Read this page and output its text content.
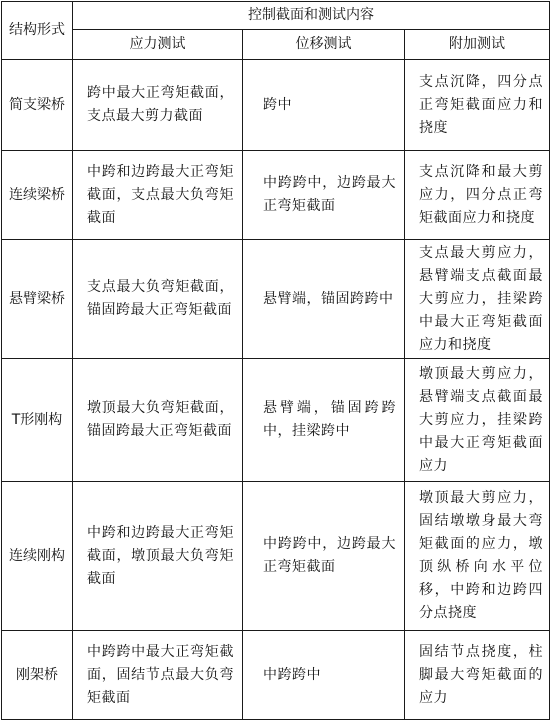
结构形式	控制截面和测试内容		
	应力测试	位移测试	附加测试
简支梁桥	跨中最大正弯矩截面，支点最大剪力截面	跨中	支点沉降，四分点正弯矩截面应力和挠度
连续梁桥	中跨和边跨最大正弯矩截面，支点最大负弯矩截面	中跨跨中，边跨最大正弯矩截面	支点沉降和最大剪应力，四分点正弯矩截面应力和挠度
悬臂梁桥	支点最大负弯矩截面，锚固跨最大正弯矩截面	悬臂端，锚固跨跨中	支点最大剪应力，悬臂端支点截面最大剪应力，挂梁跨中最大正弯矩截面应力和挠度
T形刚构	墩顶最大负弯矩截面，锚固跨最大正弯矩截面	悬臂端，锚固跨跨中，挂梁跨中	墩顶最大剪应力，悬臂端支点截面最大剪应力，挂梁跨中最大正弯矩截面应力
连续刚构	中跨和边跨最大正弯矩截面，墩顶最大负弯矩截面	中跨跨中，边跨最大正弯矩截面	墩顶最大剪应力，固结墩墩身最大弯矩截面的应力，墩顶纵桥向水平位移，中跨和边跨四分点挠度
刚架桥	中跨跨中最大正弯矩截面，固结节点最大负弯矩截面	中跨跨中	固结节点挠度，柱脚最大弯矩截面的应力
